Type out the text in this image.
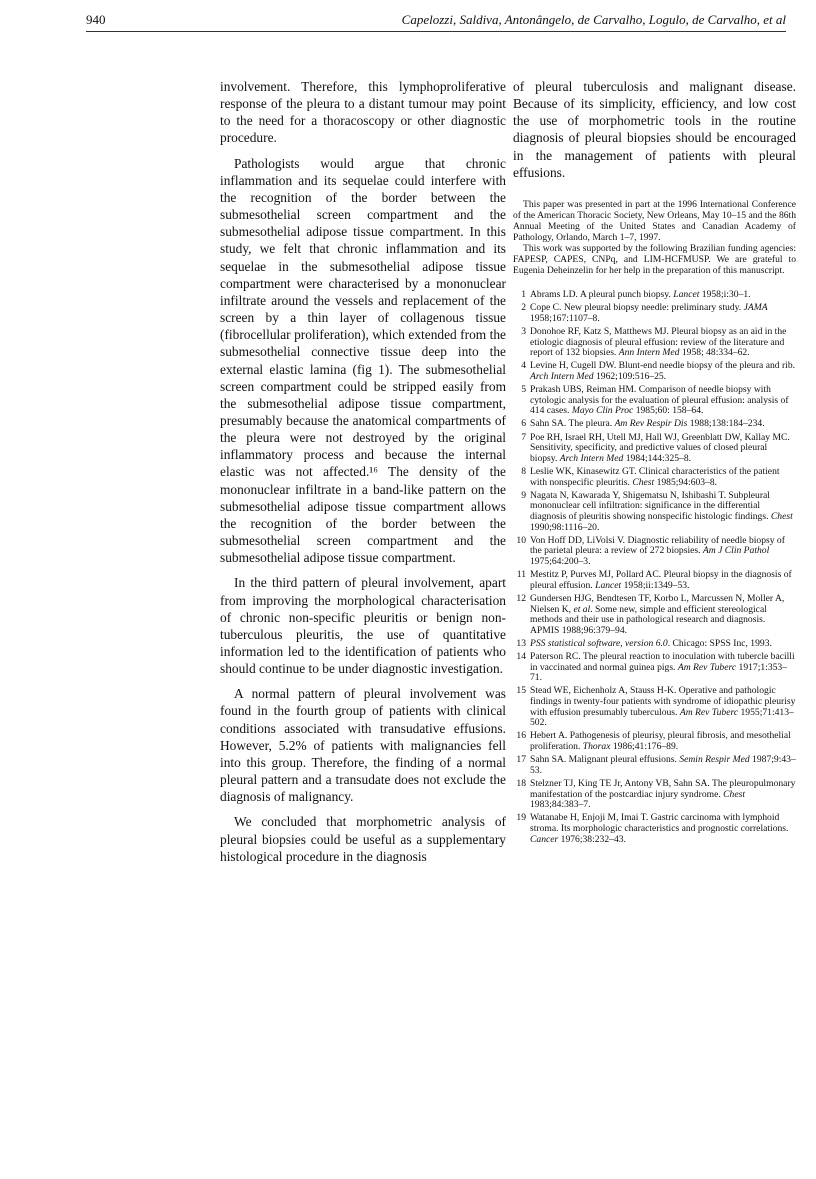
940	Capelozzi, Saldiva, Antonângelo, de Carvalho, Logulo, de Carvalho, et al

involvement. Therefore, this lymphoproliferative response of the pleura to a distant tumour may point to the need for a thoracoscopy or other diagnostic procedure.

Pathologists would argue that chronic inflammation and its sequelae could interfere with the recognition of the border between the submesothelial screen compartment and the submesothelial adipose tissue compartment. In this study, we felt that chronic inflammation and its sequelae in the submesothelial adipose tissue compartment were characterised by a mononuclear infiltrate around the vessels and replacement of the screen by a thin layer of collagenous tissue (fibrocellular proliferation), which extended from the submesothelial connective tissue deep into the external elastic lamina (fig 1). The submesothelial screen compartment could be stripped easily from the submesothelial adipose tissue compartment, presumably because the anatomical compartments of the pleura were not destroyed by the original inflammatory process and because the internal elastic was not affected.¹⁶ The density of the mononuclear infiltrate in a band-like pattern on the submesothelial adipose tissue compartment allows the recognition of the border between the submesothelial screen compartment and the submesothelial adipose tissue compartment.

In the third pattern of pleural involvement, apart from improving the morphological characterisation of chronic non-specific pleuritis or benign non-tuberculous pleuritis, the use of quantitative information led to the identification of patients who should continue to be under diagnostic investigation.

A normal pattern of pleural involvement was found in the fourth group of patients with clinical conditions associated with transudative effusions. However, 5.2% of patients with malignancies fell into this group. Therefore, the finding of a normal pleural pattern and a transudate does not exclude the diagnosis of malignancy.

We concluded that morphometric analysis of pleural biopsies could be useful as a supplementary histological procedure in the diagnosis

of pleural tuberculosis and malignant disease. Because of its simplicity, efficiency, and low cost the use of morphometric tools in the routine diagnosis of pleural biopsies should be encouraged in the management of patients with pleural effusions.

This paper was presented in part at the 1996 International Conference of the American Thoracic Society, New Orleans, May 10–15 and the 86th Annual Meeting of the United States and Canadian Academy of Pathology, Orlando, March 1–7, 1997.

This work was supported by the following Brazilian funding agencies: FAPESP, CAPES, CNPq, and LIM-HCFMUSP. We are grateful to Eugenia Deheinzelin for her help in the preparation of this manuscript.

1 Abrams LD. A pleural punch biopsy. Lancet 1958;i:30–1.
2 Cope C. New pleural biopsy needle: preliminary study. JAMA 1958;167:1107–8.
3 Donohoe RF, Katz S, Matthews MJ. Pleural biopsy as an aid in the etiologic diagnosis of pleural effusion: review of the literature and report of 132 biopsies. Ann Intern Med 1958; 48:334–62.
4 Levine H, Cugell DW. Blunt-end needle biopsy of the pleura and rib. Arch Intern Med 1962;109:516–25.
5 Prakash UBS, Reiman HM. Comparison of needle biopsy with cytologic analysis for the evaluation of pleural effusion: analysis of 414 cases. Mayo Clin Proc 1985;60: 158–64.
6 Sahn SA. The pleura. Am Rev Respir Dis 1988;138:184–234.
7 Poe RH, Israel RH, Utell MJ, Hall WJ, Greenblatt DW, Kallay MC. Sensitivity, specificity, and predictive values of closed pleural biopsy. Arch Intern Med 1984;144:325–8.
8 Leslie WK, Kinasewitz GT. Clinical characteristics of the patient with nonspecific pleuritis. Chest 1985;94:603–8.
9 Nagata N, Kawarada Y, Shigematsu N, Ishibashi T. Subpleural mononuclear cell infiltration: significance in the differential diagnosis of pleuritis showing nonspecific histologic findings. Chest 1990;98:1116–20.
10 Von Hoff DD, LiVolsi V. Diagnostic reliability of needle biopsy of the parietal pleura: a review of 272 biopsies. Am J Clin Pathol 1975;64:200–3.
11 Mestitz P, Purves MJ, Pollard AC. Pleural biopsy in the diagnosis of pleural effusion. Lancet 1958;ii:1349–53.
12 Gundersen HJG, Bendtesen TF, Korbo L, Marcussen N, Moller A, Nielsen K, et al. Some new, simple and efficient stereological methods and their use in pathological research and diagnosis. APMIS 1988;96:379–94.
13 PSS statistical software, version 6.0. Chicago: SPSS Inc, 1993.
14 Paterson RC. The pleural reaction to inoculation with tubercle bacilli in vaccinated and normal guinea pigs. Am Rev Tuberc 1917;1:353–71.
15 Stead WE, Eichenholz A, Stauss H-K. Operative and pathologic findings in twenty-four patients with syndrome of idiopathic pleurisy with effusion presumably tuberculous. Am Rev Tuberc 1955;71:413–502.
16 Hebert A. Pathogenesis of pleurisy, pleural fibrosis, and mesothelial proliferation. Thorax 1986;41:176–89.
17 Sahn SA. Malignant pleural effusions. Semin Respir Med 1987;9:43–53.
18 Stelzner TJ, King TE Jr, Antony VB, Sahn SA. The pleuropulmonary manifestation of the postcardiac injury syndrome. Chest 1983;84:383–7.
19 Watanabe H, Enjoji M, Imai T. Gastric carcinoma with lymphoid stroma. Its morphologic characteristics and prognostic correlations. Cancer 1976;38:232–43.
